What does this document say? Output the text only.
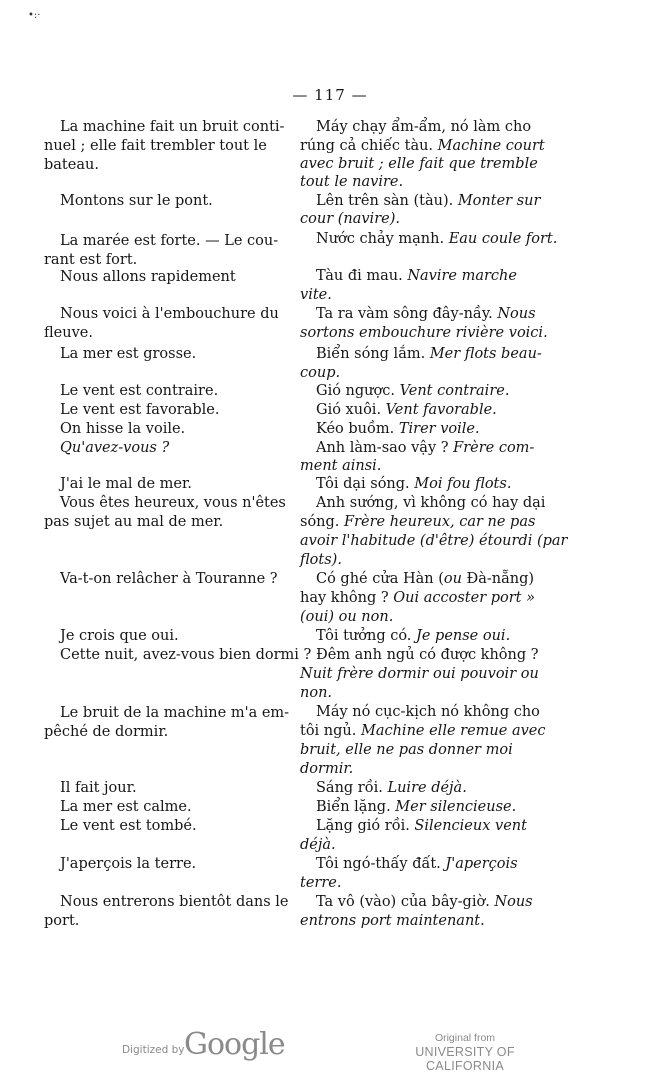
•:·
— 117 —
La machine fait un bruit conti-
nuel ; elle fait trembler tout le
bateau.
Montons sur le pont.
La marée est forte. — Le cou-
rant est fort.
Nous allons rapidement
Nous voici à l'embouchure du
fleuve.
La mer est grosse.
Le vent est contraire.
Le vent est favorable.
On hisse la voile.
Qu'avez-vous ?
J'ai le mal de mer.
Vous êtes heureux, vous n'êtes
pas sujet au mal de mer.
Va-t-on relâcher à Touranne ?
Je crois que oui.
Cette nuit, avez-vous bien dormi ?
Le bruit de la machine m'a em-
pêché de dormir.
Il fait jour.
La mer est calme.
Le vent est tombé.
J'aperçois la terre.
Nous entrerons bientôt dans le
port.
Máy chạy ẩm-ẩm, nó làm cho
rúng cả chiếc tàu. Machine court
avec bruit ; elle fait que tremble
tout le navire.
Lên trên sàn (tàu). Monter sur
cour (navire).
Nước chảy mạnh. Eau coule fort.
Tàu đi mau. Navire marche
vite.
Ta ra vàm sông đây-nầy. Nous
sortons embouchure rivière voici.
Biển sóng lắm. Mer flots beau-
coup.
Gió ngược. Vent contraire.
Gió xuôi. Vent favorable.
Kéo buồm. Tirer voile.
Anh làm-sao vậy ? Frère com-
ment ainsi.
Tôi dại sóng. Moi fou flots.
Anh sướng, vì không có hay dại
sóng. Frère heureux, car ne pas
avoir l'habitude (d'être) étourdi (par
flots).
Có ghé cửa Hàn (ou Đà-nẵng)
hay không ? Oui accoster port »
(oui) ou non.
Tôi tưởng có. Je pense oui.
Đêm anh ngủ có được không ?
Nuit frère dormir oui pouvoir ou
non.
Máy nó cục-kịch nó không cho
tôi ngủ. Machine elle remue avec
bruit, elle ne pas donner moi
dormir.
Sáng rồi. Luire déjà.
Biển lặng. Mer silencieuse.
Lặng gió rồi. Silencieux vent
déjà.
Tôi ngó-thấy đất. J'aperçois
terre.
Ta vô (vào) của bây-giờ. Nous
entrons port maintenant.
Digitized by Google	Original from
UNIVERSITY OF CALIFORNIA
